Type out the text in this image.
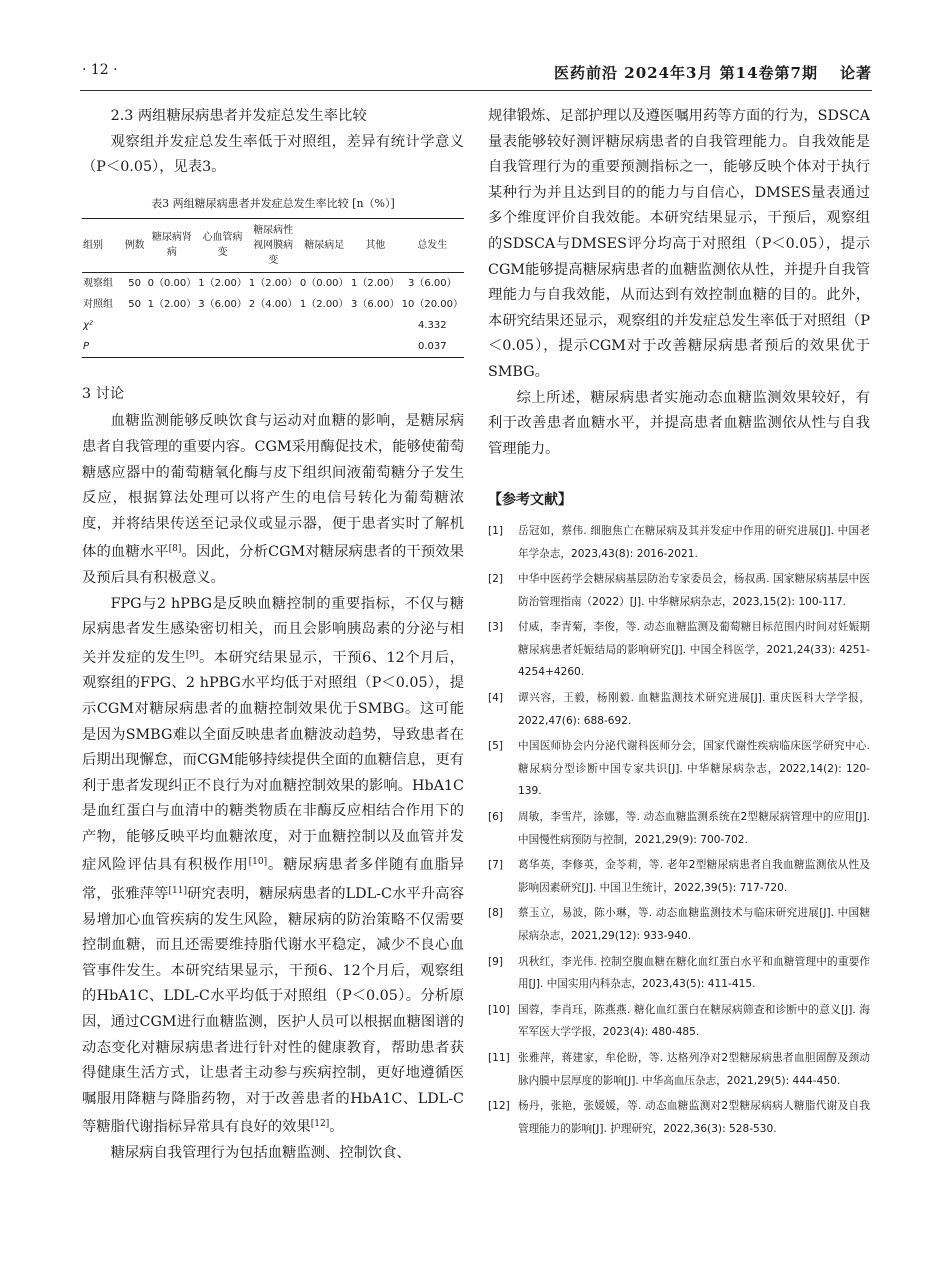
· 12 ·	医药前沿 2024年3月 第14卷第7期 论著

2.3 两组糖尿病患者并发症总发生率比较

观察组并发症总发生率低于对照组，差异有统计学意义（P＜0.05），见表3。

表3 两组糖尿病患者并发症总发生率比较 [n（%）]
组别	例数	糖尿病肾病	心血管病变	糖尿病性视网膜病变	糖尿病足	其他	总发生
观察组	50	0（0.00）	1（2.00）	1（2.00）	0（0.00）	1（2.00）	3（6.00）
对照组	50	1（2.00）	3（6.00）	2（4.00）	1（2.00）	3（6.00）	10（20.00）
χ²							4.332
P							0.037

3 讨论

血糖监测能够反映饮食与运动对血糖的影响，是糖尿病患者自我管理的重要内容。CGM采用酶促技术，能够使葡萄糖感应器中的葡萄糖氧化酶与皮下组织间液葡萄糖分子发生反应，根据算法处理可以将产生的电信号转化为葡萄糖浓度，并将结果传送至记录仪或显示器，便于患者实时了解机体的血糖水平[8]。因此，分析CGM对糖尿病患者的干预效果及预后具有积极意义。

FPG与2 hPBG是反映血糖控制的重要指标，不仅与糖尿病患者发生感染密切相关，而且会影响胰岛素的分泌与相关并发症的发生[9]。本研究结果显示，干预6、12个月后，观察组的FPG、2 hPBG水平均低于对照组（P＜0.05），提示CGM对糖尿病患者的血糖控制效果优于SMBG。这可能是因为SMBG难以全面反映患者血糖波动趋势，导致患者在后期出现懈怠，而CGM能够持续提供全面的血糖信息，更有利于患者发现纠正不良行为对血糖控制效果的影响。HbA1C是血红蛋白与血清中的糖类物质在非酶反应相结合作用下的产物，能够反映平均血糖浓度，对于血糖控制以及血管并发症风险评估具有积极作用[10]。糖尿病患者多伴随有血脂异常，张雅萍等[11]研究表明，糖尿病患者的LDL-C水平升高容易增加心血管疾病的发生风险，糖尿病的防治策略不仅需要控制血糖，而且还需要维持脂代谢水平稳定，减少不良心血管事件发生。本研究结果显示，干预6、12个月后，观察组的HbA1C、LDL-C水平均低于对照组（P＜0.05）。分析原因，通过CGM进行血糖监测，医护人员可以根据血糖图谱的动态变化对糖尿病患者进行针对性的健康教育，帮助患者获得健康生活方式，让患者主动参与疾病控制，更好地遵循医嘱服用降糖与降脂药物，对于改善患者的HbA1C、LDL-C等糖脂代谢指标异常具有良好的效果[12]。

糖尿病自我管理行为包括血糖监测、控制饮食、

规律锻炼、足部护理以及遵医嘱用药等方面的行为，SDSCA量表能够较好测评糖尿病患者的自我管理能力。自我效能是自我管理行为的重要预测指标之一，能够反映个体对于执行某种行为并且达到目的的能力与自信心，DMSES量表通过多个维度评价自我效能。本研究结果显示，干预后，观察组的SDSCA与DMSES评分均高于对照组（P＜0.05），提示CGM能够提高糖尿病患者的血糖监测依从性，并提升自我管理能力与自我效能，从而达到有效控制血糖的目的。此外，本研究结果还显示，观察组的并发症总发生率低于对照组（P＜0.05），提示CGM对于改善糖尿病患者预后的效果优于SMBG。

综上所述，糖尿病患者实施动态血糖监测效果较好，有利于改善患者血糖水平，并提高患者血糖监测依从性与自我管理能力。

【参考文献】
[1]	岳冠如，蔡伟. 细胞焦亡在糖尿病及其并发症中作用的研究进展[J]. 中国老年学杂志，2023,43(8): 2016-2021.
[2]	中华中医药学会糖尿病基层防治专家委员会，杨叔禹. 国家糖尿病基层中医防治管理指南（2022）[J]. 中华糖尿病杂志，2023,15(2): 100-117.
[3]	付威，李青菊，李俊，等. 动态血糖监测及葡萄糖目标范围内时间对妊娠期糖尿病患者妊娠结局的影响研究[J]. 中国全科医学，2021,24(33): 4251-4254+4260.
[4]	谭兴容，王毅，杨刚毅. 血糖监测技术研究进展[J]. 重庆医科大学学报，2022,47(6): 688-692.
[5]	中国医师协会内分泌代谢科医师分会，国家代谢性疾病临床医学研究中心. 糖尿病分型诊断中国专家共识[J]. 中华糖尿病杂志，2022,14(2): 120-139.
[6]	周敏，李雪芹，涂娜，等. 动态血糖监测系统在2型糖尿病管理中的应用[J]. 中国慢性病预防与控制，2021,29(9): 700-702.
[7]	葛华英，李修英，金苓莉，等. 老年2型糖尿病患者自我血糖监测依从性及影响因素研究[J]. 中国卫生统计，2022,39(5): 717-720.
[8]	蔡玉立，易波，陈小琳，等. 动态血糖监测技术与临床研究进展[J]. 中国糖尿病杂志，2021,29(12): 933-940.
[9]	巩秋红，李光伟. 控制空腹血糖在糖化血红蛋白水平和血糖管理中的重要作用[J]. 中国实用内科杂志，2023,43(5): 411-415.
[10] 国蓉，李肖珏，陈燕燕. 糖化血红蛋白在糖尿病筛查和诊断中的意义[J]. 海军军医大学学报，2023(4): 480-485.
[11] 张雅萍，蒋建家，牟伦盼，等. 达格列净对2型糖尿病患者血胆固醇及颈动脉内膜中层厚度的影响[J]. 中华高血压杂志，2021,29(5): 444-450.
[12] 杨丹，张艳，张媛媛，等. 动态血糖监测对2型糖尿病病人糖脂代谢及自我管理能力的影响[J]. 护理研究，2022,36(3): 528-530.
